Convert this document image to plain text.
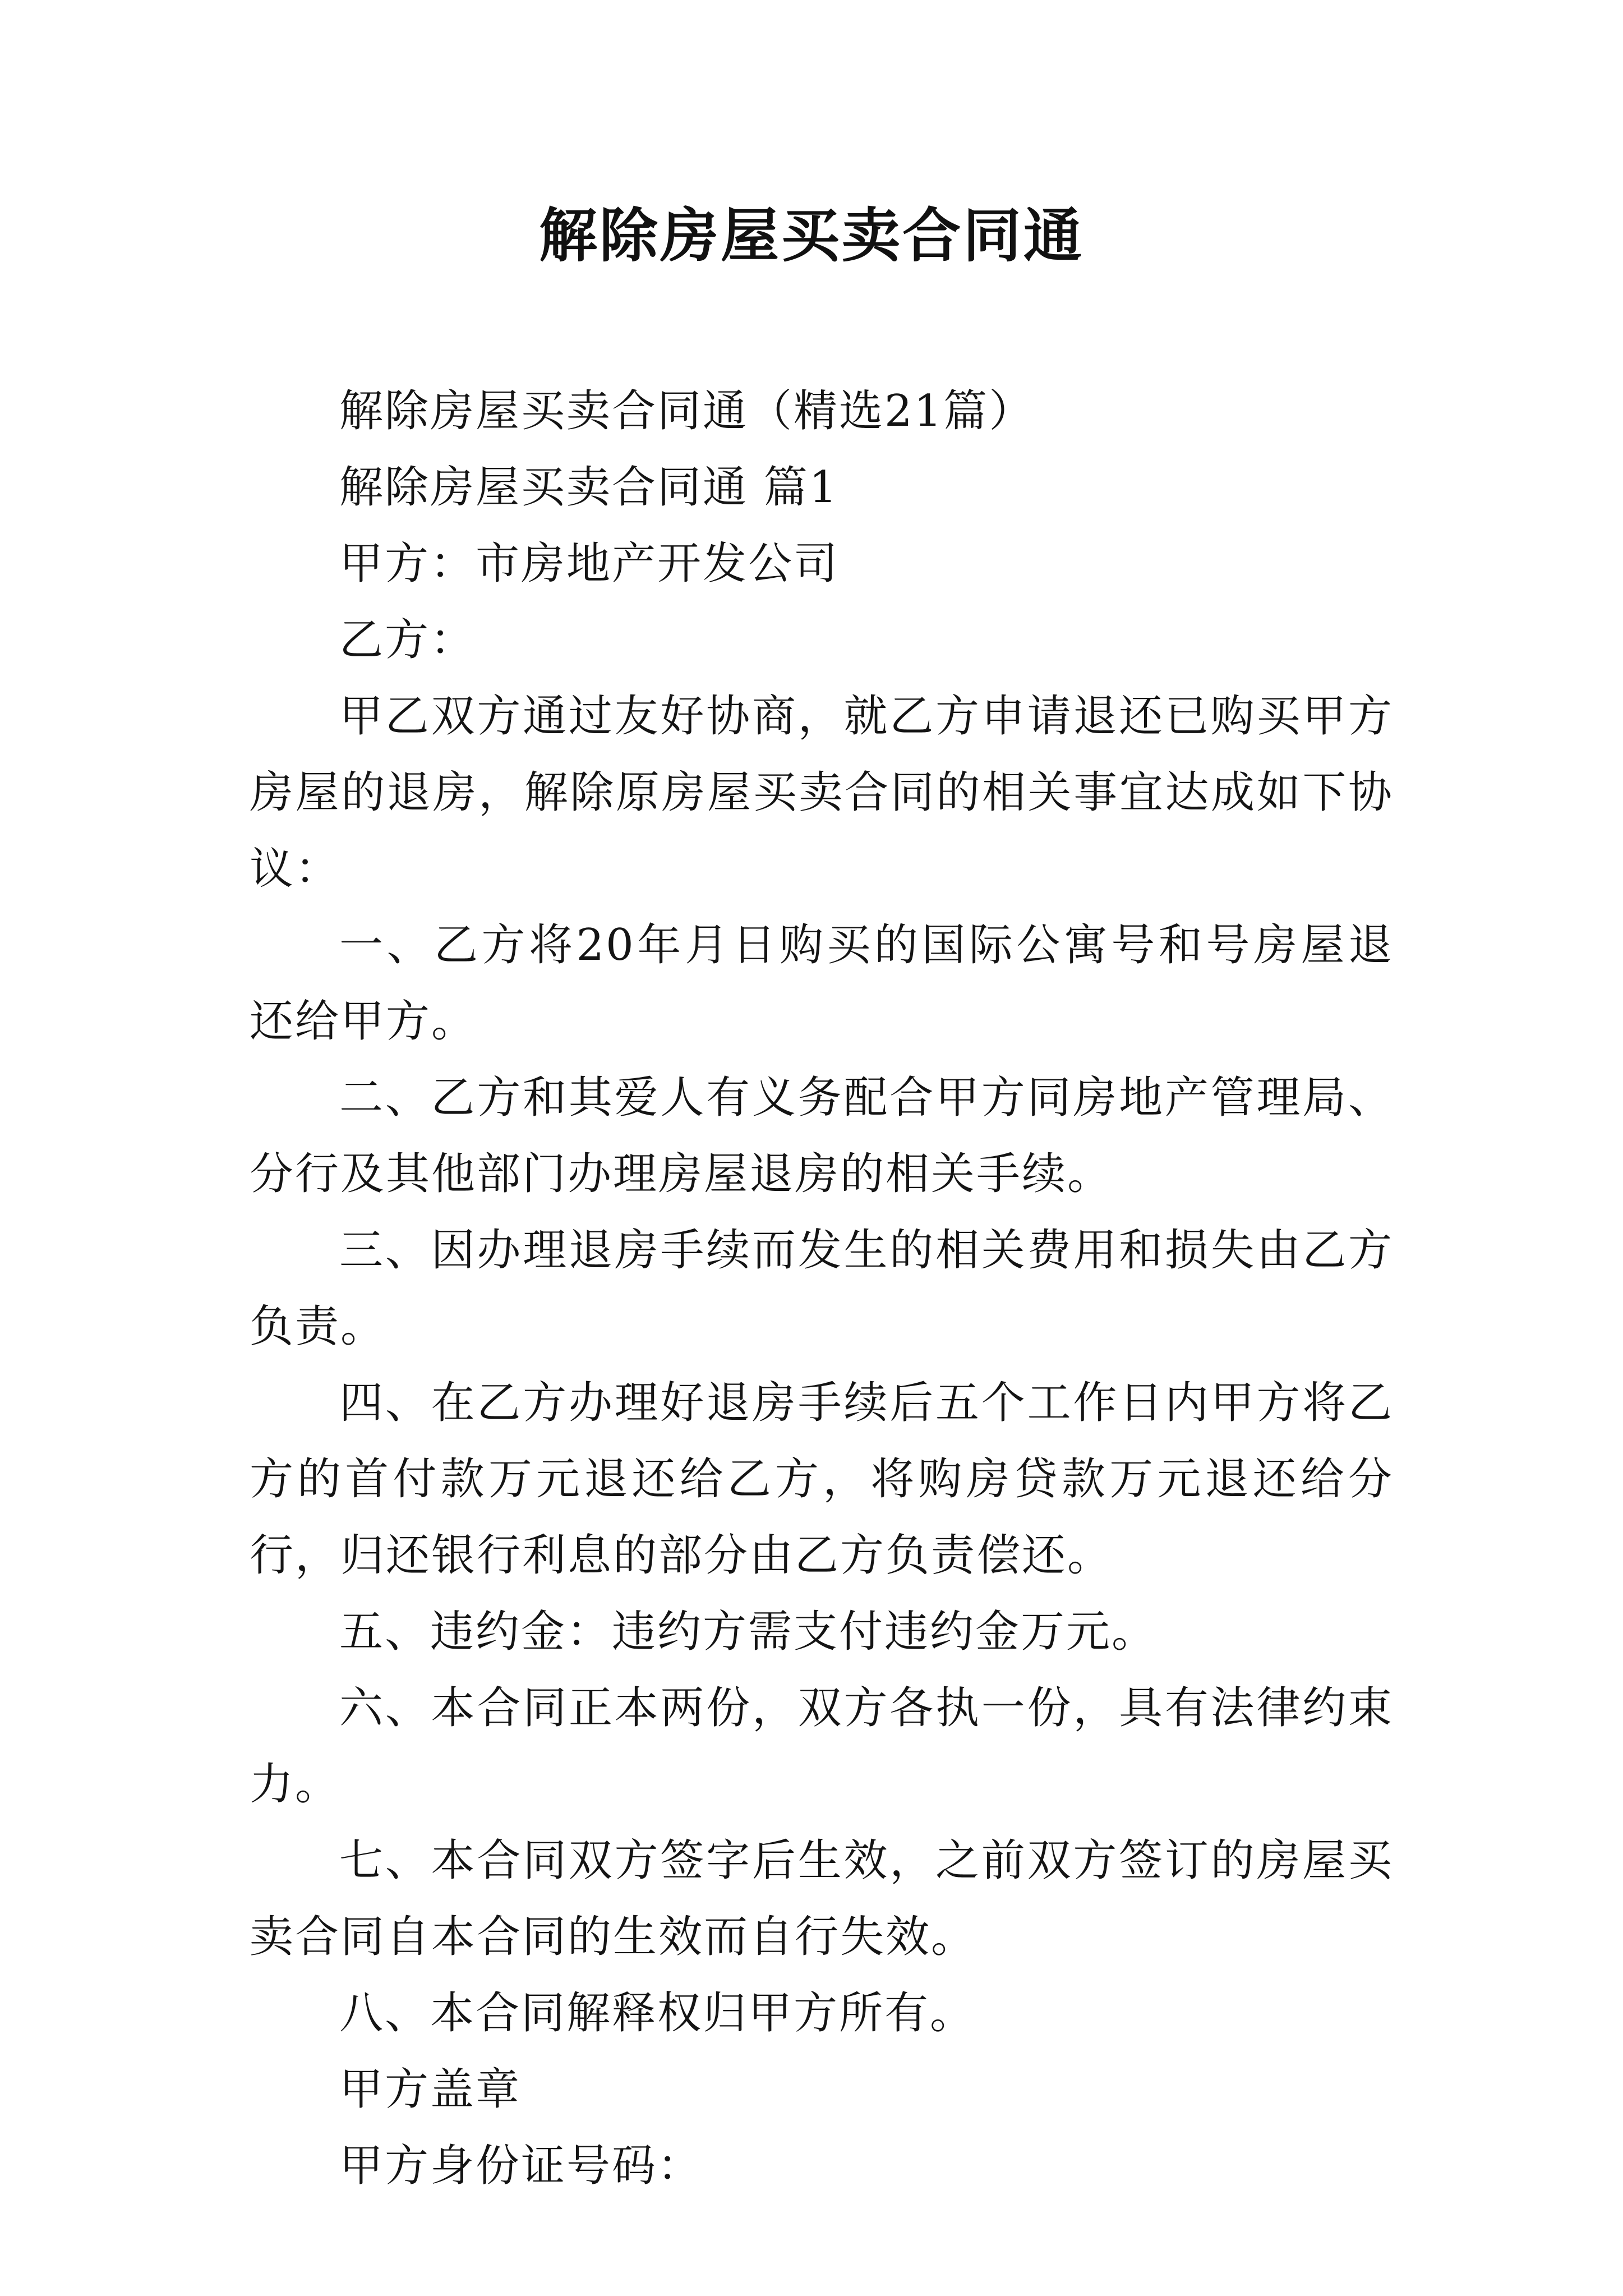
解除房屋买卖合同通

解除房屋买卖合同通（精选21篇）

解除房屋买卖合同通 篇1

甲方：市房地产开发公司

乙方：

甲乙双方通过友好协商，就乙方申请退还已购买甲方房屋的退房，解除原房屋买卖合同的相关事宜达成如下协议：

一、乙方将20年月日购买的国际公寓号和号房屋退还给甲方。

二、乙方和其爱人有义务配合甲方同房地产管理局、分行及其他部门办理房屋退房的相关手续。

三、因办理退房手续而发生的相关费用和损失由乙方负责。

四、在乙方办理好退房手续后五个工作日内甲方将乙方的首付款万元退还给乙方，将购房贷款万元退还给分行，归还银行利息的部分由乙方负责偿还。

五、违约金：违约方需支付违约金万元。

六、本合同正本两份，双方各执一份，具有法律约束力。

七、本合同双方签字后生效，之前双方签订的房屋买卖合同自本合同的生效而自行失效。

八、本合同解释权归甲方所有。

甲方盖章

甲方身份证号码：
